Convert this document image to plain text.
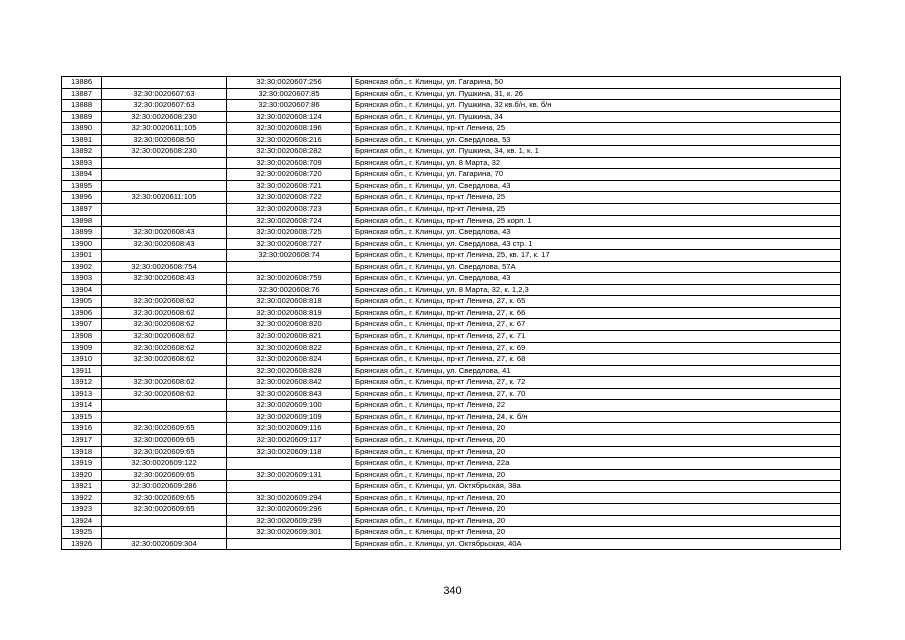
13886		32:30:0020607:256	Брянская обл., г. Клинцы, ул. Гагарина, 50
13887	32:30:0020607:63	32:30:0020607:85	Брянская обл., г. Клинцы, ул. Пушкина, 31, к. 26
13888	32:30:0020607:63	32:30:0020607:86	Брянская обл., г. Клинцы, ул. Пушкина, 32 кв.б/н, кв. б/н
13889	32:30:0020608:230	32:30:0020608:124	Брянская обл., г. Клинцы, ул. Пушкина, 34
13890	32:30:0020611:105	32:30:0020608:196	Брянская обл., г. Клинцы, пр-кт Ленина, 25
13891	32:30:0020608:50	32:30:0020608:216	Брянская обл., г. Клинцы, ул. Свердлова, 53
13892	32:30:0020608:230	32:30:0020608:282	Брянская обл., г. Клинцы, ул. Пушкина, 34, кв. 1, к. 1
13893		32:30:0020608:709	Брянская обл., г. Клинцы, ул. 8 Марта, 32
13894		32:30:0020608:720	Брянская обл., г. Клинцы, ул. Гагарина, 70
13895		32:30:0020608:721	Брянская обл., г. Клинцы, ул. Свердлова, 43
13896	32:30:0020611:105	32:30:0020608:722	Брянская обл., г. Клинцы, пр-кт Ленина, 25
13897		32:30:0020608:723	Брянская обл., г. Клинцы, пр-кт Ленина, 25
13898		32:30:0020608:724	Брянская обл., г. Клинцы, пр-кт Ленина, 25 корп. 1
13899	32:30:0020608:43	32:30:0020608:725	Брянская обл., г. Клинцы, ул. Свердлова, 43
13900	32:30:0020608:43	32:30:0020608:727	Брянская обл., г. Клинцы, ул. Свердлова, 43 стр. 1
13901		32:30:0020608:74	Брянская обл., г. Клинцы, пр-кт Ленина, 25, кв. 17, к. 17
13902	32:30:0020608:754		Брянская обл., г. Клинцы, ул. Свердлова, 57А
13903	32:30:0020608:43	32:30:0020608:759	Брянская обл., г. Клинцы, ул. Свердлова, 43
13904		32:30:0020608:76	Брянская обл., г. Клинцы, ул. 8 Марта, 32, к. 1,2,3
13905	32:30:0020608:62	32:30:0020608:818	Брянская обл., г. Клинцы, пр-кт Ленина, 27, к. 65
13906	32:30:0020608:62	32:30:0020608:819	Брянская обл., г. Клинцы, пр-кт Ленина, 27, к. 66
13907	32:30:0020608:62	32:30:0020608:820	Брянская обл., г. Клинцы, пр-кт Ленина, 27, к. 67
13908	32:30:0020608:62	32:30:0020608:821	Брянская обл., г. Клинцы, пр-кт Ленина, 27, к. 71
13909	32:30:0020608:62	32:30:0020608:822	Брянская обл., г. Клинцы, пр-кт Ленина, 27, к. 69
13910	32:30:0020608:62	32:30:0020608:824	Брянская обл., г. Клинцы, пр-кт Ленина, 27, к. 68
13911		32:30:0020608:828	Брянская обл., г. Клинцы, ул. Свердлова, 41
13912	32:30:0020608:62	32:30:0020608:842	Брянская обл., г. Клинцы, пр-кт Ленина, 27, к. 72
13913	32:30:0020608:62	32:30:0020608:843	Брянская обл., г. Клинцы, пр-кт Ленина, 27, к. 70
13914		32:30:0020609:100	Брянская обл., г. Клинцы, пр-кт Ленина, 22
13915		32:30:0020609:109	Брянская обл., г. Клинцы, пр-кт Ленина, 24, к. б/н
13916	32:30:0020609:65	32:30:0020609:116	Брянская обл., г. Клинцы, пр-кт Ленина, 20
13917	32:30:0020609:65	32:30:0020609:117	Брянская обл., г. Клинцы, пр-кт Ленина, 20
13918	32:30:0020609:65	32:30:0020609:118	Брянская обл., г. Клинцы, пр-кт Ленина, 20
13919	32:30:0020609:122		Брянская обл., г. Клинцы, пр-кт Ленина, 22а
13920	32:30:0020609:65	32:30:0020609:131	Брянская обл., г. Клинцы, пр-кт Ленина, 20
13921	32:30:0020609:286		Брянская обл., г. Клинцы, ул. Октябрьская, 38а
13922	32:30:0020609:65	32:30:0020609:294	Брянская обл., г. Клинцы, пр-кт Ленина, 20
13923	32:30:0020609:65	32:30:0020609:296	Брянская обл., г. Клинцы, пр-кт Ленина, 20
13924		32:30:0020609:299	Брянская обл., г. Клинцы, пр-кт Ленина, 20
13925		32:30:0020609:301	Брянская обл., г. Клинцы, пр-кт Ленина, 20
13926	32:30:0020609:304		Брянская обл., г. Клинцы, ул. Октябрьская, 40А
340
